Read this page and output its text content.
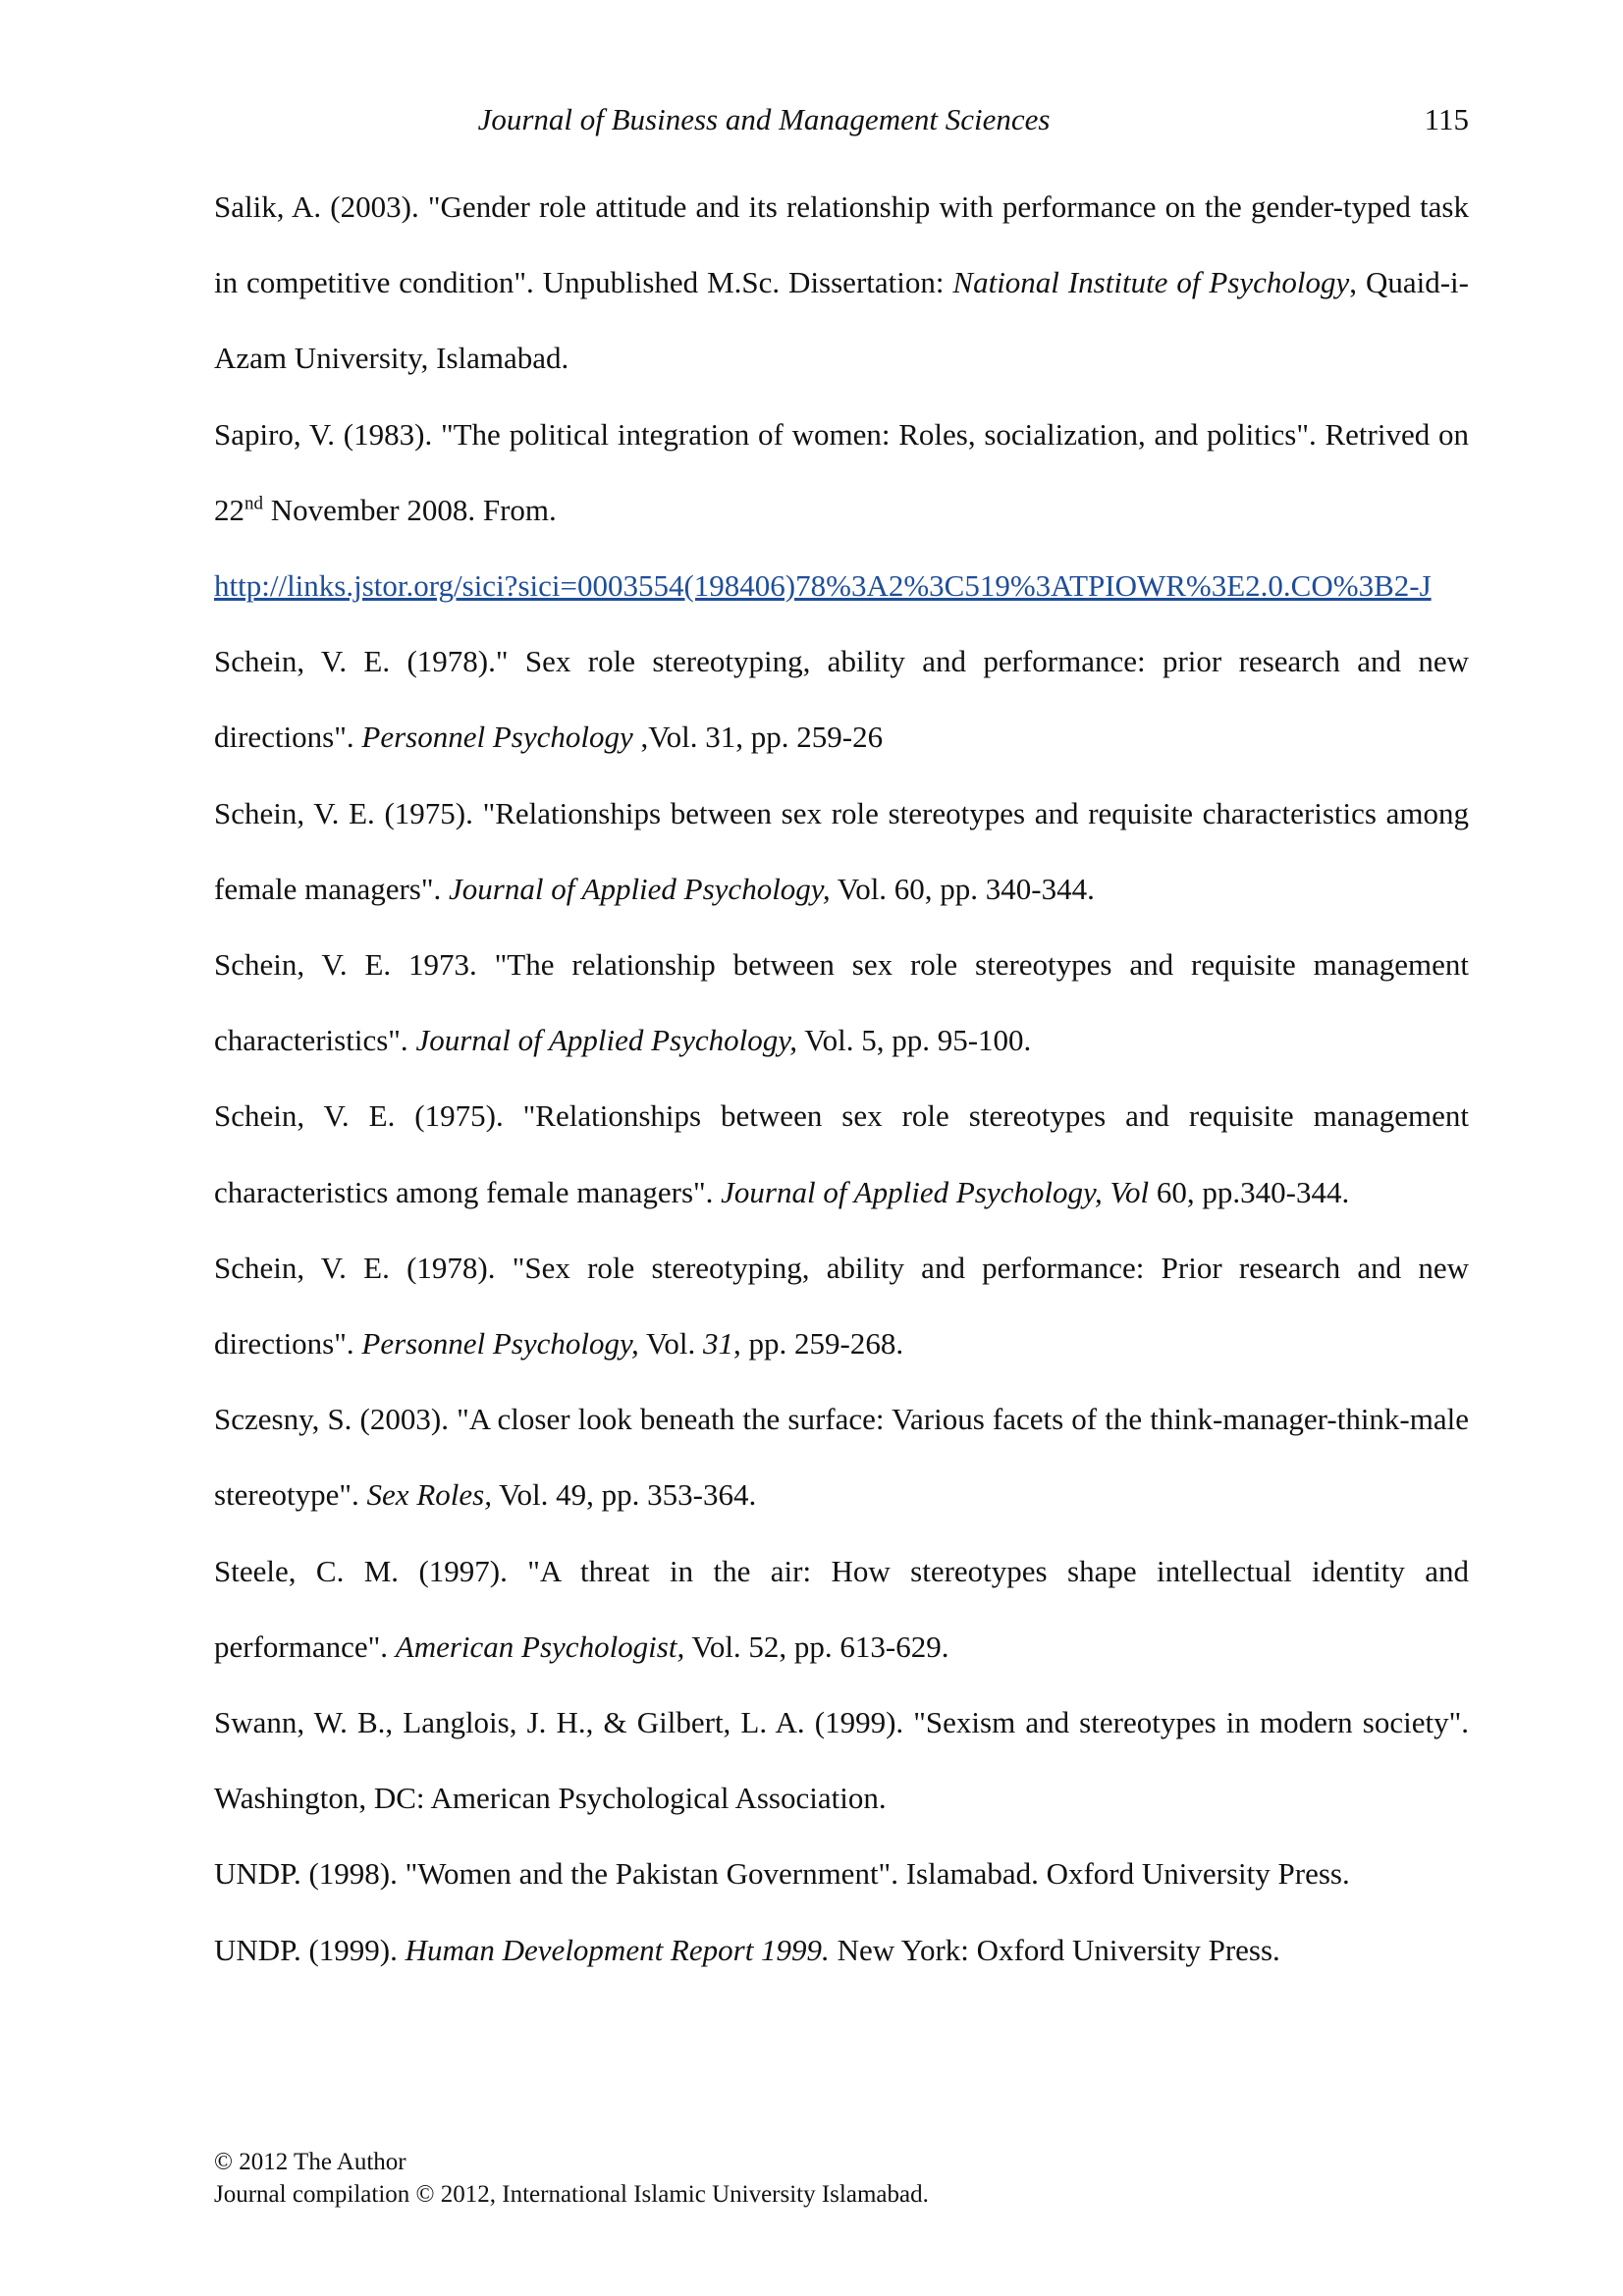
Journal of Business and Management Sciences	115

Salik, A. (2003). "Gender role attitude and its relationship with performance on the gender-typed task in competitive condition". Unpublished M.Sc. Dissertation: National Institute of Psychology, Quaid-i-Azam University, Islamabad.

Sapiro, V. (1983). "The political integration of women: Roles, socialization, and politics". Retrived on 22nd November 2008. From.
http://links.jstor.org/sici?sici=0003554(198406)78%3A2%3C519%3ATPIOWR%3E2.0.CO%3B2-J

Schein, V. E. (1978)." Sex role stereotyping, ability and performance: prior research and new directions". Personnel Psychology ,Vol. 31, pp. 259-26

Schein, V. E. (1975). "Relationships between sex role stereotypes and requisite characteristics among female managers". Journal of Applied Psychology, Vol. 60, pp. 340-344.

Schein, V. E. 1973. "The relationship between sex role stereotypes and requisite management characteristics". Journal of Applied Psychology, Vol. 5, pp. 95-100.

Schein, V. E. (1975). "Relationships between sex role stereotypes and requisite management characteristics among female managers". Journal of Applied Psychology, Vol 60, pp.340-344.

Schein, V. E. (1978). "Sex role stereotyping, ability and performance: Prior research and new directions". Personnel Psychology, Vol. 31, pp. 259-268.

Sczesny, S. (2003). "A closer look beneath the surface: Various facets of the think-manager-think-male stereotype". Sex Roles, Vol. 49, pp. 353-364.

Steele, C. M. (1997). "A threat in the air: How stereotypes shape intellectual identity and performance". American Psychologist, Vol. 52, pp. 613-629.

Swann, W. B., Langlois, J. H., & Gilbert, L. A. (1999). "Sexism and stereotypes in modern society". Washington, DC: American Psychological Association.

UNDP. (1998). "Women and the Pakistan Government". Islamabad. Oxford University Press.

UNDP. (1999). Human Development Report 1999. New York: Oxford University Press.

© 2012 The Author
Journal compilation © 2012, International Islamic University Islamabad.
